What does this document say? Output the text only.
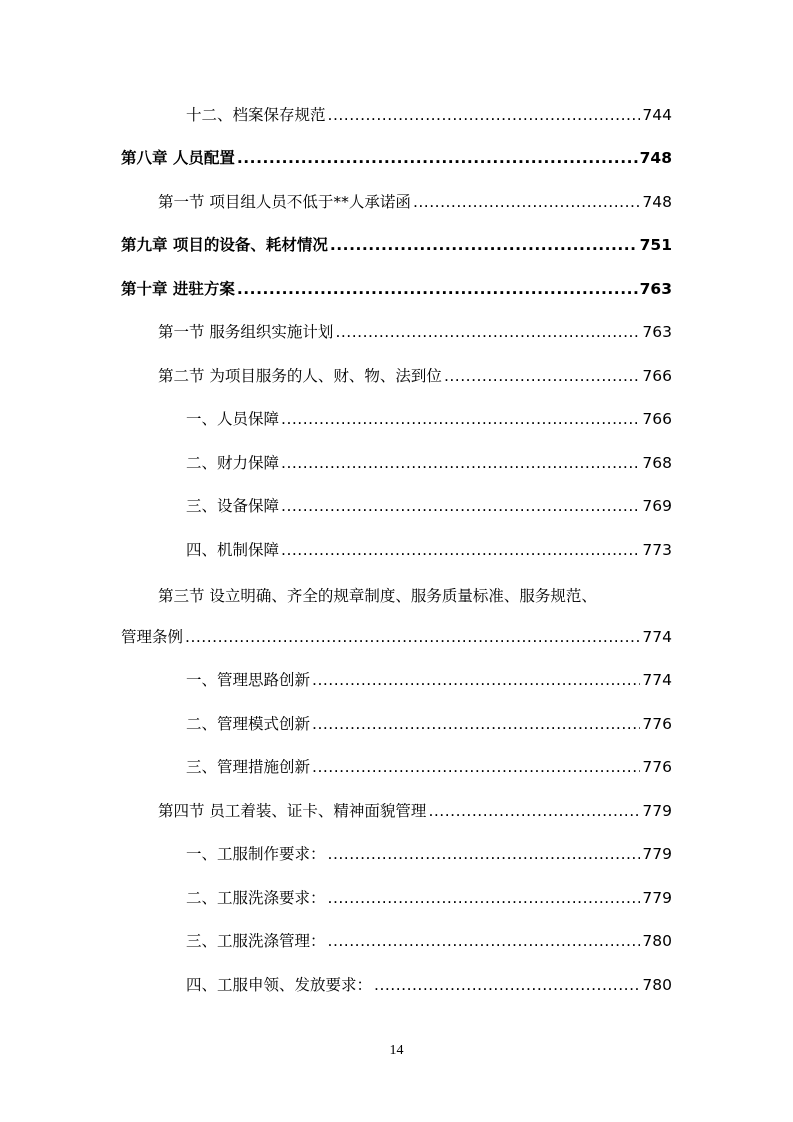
十二、档案保存规范 .....	744
第八章 人员配置 .....	748
第一节 项目组人员不低于**人承诺函 .....	748
第九章 项目的设备、耗材情况 .....	751
第十章 进驻方案 .....	763
第一节 服务组织实施计划 .....	763
第二节 为项目服务的人、财、物、法到位 .....	766
一、人员保障 .....	766
二、财力保障 .....	768
三、设备保障 .....	769
四、机制保障 .....	773
第三节 设立明确、齐全的规章制度、服务质量标准、服务规范、
管理条例 .....	774
一、管理思路创新 .....	774
二、管理模式创新 .....	776
三、管理措施创新 .....	776
第四节 员工着装、证卡、精神面貌管理 .....	779
一、工服制作要求： .....	779
二、工服洗涤要求： .....	779
三、工服洗涤管理： .....	780
四、工服申领、发放要求： .....	780
14
